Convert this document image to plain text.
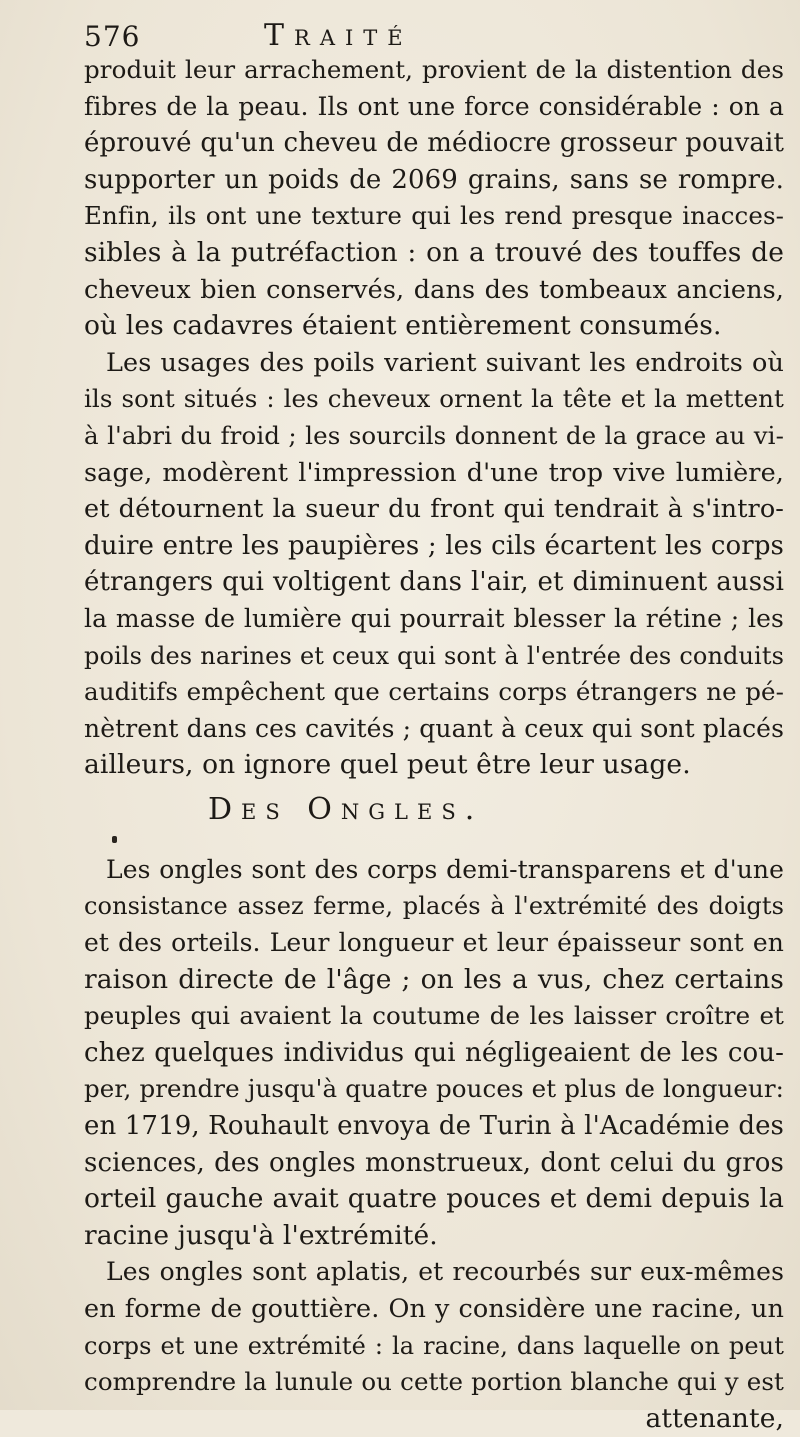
576	Traité
produit leur arrachement, provient de la distention des
fibres de la peau. Ils ont une force considérable : on a
éprouvé qu'un cheveu de médiocre grosseur pouvait
supporter un poids de 2069 grains, sans se rompre.
Enfin, ils ont une texture qui les rend presque inacces-
sibles à la putréfaction : on a trouvé des touffes de
cheveux bien conservés, dans des tombeaux anciens,
où les cadavres étaient entièrement consumés.
Les usages des poils varient suivant les endroits où
ils sont situés : les cheveux ornent la tête et la mettent
à l'abri du froid ; les sourcils donnent de la grace au vi-
sage, modèrent l'impression d'une trop vive lumière,
et détournent la sueur du front qui tendrait à s'intro-
duire entre les paupières ; les cils écartent les corps
étrangers qui voltigent dans l'air, et diminuent aussi
la masse de lumière qui pourrait blesser la rétine ; les
poils des narines et ceux qui sont à l'entrée des conduits
auditifs empêchent que certains corps étrangers ne pé-
nètrent dans ces cavités ; quant à ceux qui sont placés
ailleurs, on ignore quel peut être leur usage.
Des Ongles.
Les ongles sont des corps demi-transparens et d'une
consistance assez ferme, placés à l'extrémité des doigts
et des orteils. Leur longueur et leur épaisseur sont en
raison directe de l'âge ; on les a vus, chez certains
peuples qui avaient la coutume de les laisser croître et
chez quelques individus qui négligeaient de les cou-
per, prendre jusqu'à quatre pouces et plus de longueur:
en 1719, Rouhault envoya de Turin à l'Académie des
sciences, des ongles monstrueux, dont celui du gros
orteil gauche avait quatre pouces et demi depuis la
racine jusqu'à l'extrémité.
Les ongles sont aplatis, et recourbés sur eux-mêmes
en forme de gouttière. On y considère une racine, un
corps et une extrémité : la racine, dans laquelle on peut
comprendre la lunule ou cette portion blanche qui y est
attenante,
